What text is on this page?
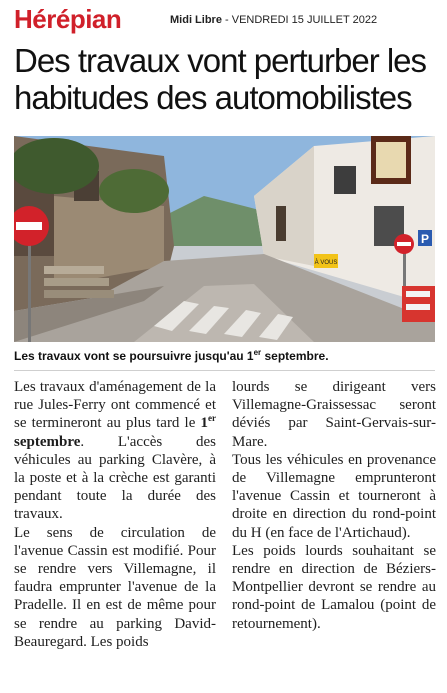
Hérépian	Midi Libre - VENDREDI 15 JUILLET 2022
Des travaux vont perturber les habitudes des automobilistes
À VOUS
P
Les travaux vont se poursuivre jusqu'au 1er septembre.

Les travaux d'aménagement de la rue Jules-Ferry ont commencé et se termineront au plus tard le 1er septembre. L'accès des véhicules au parking Clavère, à la poste et à la crèche est garanti pendant toute la durée des travaux.

Le sens de circulation de l'avenue Cassin est modifié. Pour se rendre vers Villemagne, il faudra emprunter l'avenue de la Pradelle. Il en est de même pour se rendre au parking David-Beauregard. Les poids

lourds se dirigeant vers Villemagne-Graissessac seront déviés par Saint-Gervais-sur-Mare.

Tous les véhicules en provenance de Villemagne emprunteront l'avenue Cassin et tourneront à droite en direction du rond-point du H (en face de l'Artichaud).

Les poids lourds souhaitant se rendre en direction de Béziers-Montpellier devront se rendre au rond-point de Lamalou (point de retournement).
